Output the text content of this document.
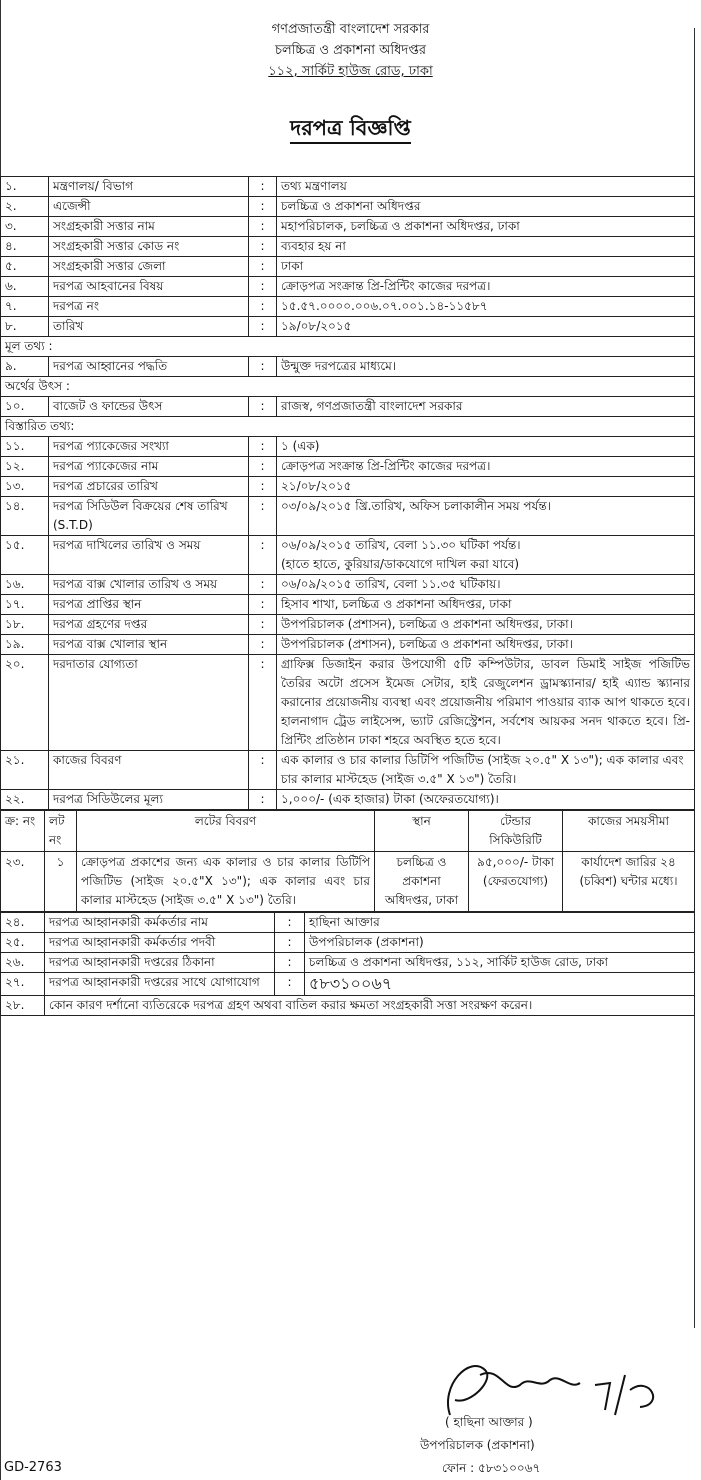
গণপ্রজাতন্ত্রী বাংলাদেশ সরকার
চলচ্চিত্র ও প্রকাশনা অধিদপ্তর
১১২, সার্কিট হাউজ রোড, ঢাকা
দরপত্র বিজ্ঞপ্তি
১.	মন্ত্রণালয়/ বিভাগ	:	তথ্য মন্ত্রণালয়
২.	এজেন্সী	:	চলচ্চিত্র ও প্রকাশনা অধিদপ্তর
৩.	সংগ্রহকারী সত্তার নাম	:	মহাপরিচালক, চলচ্চিত্র ও প্রকাশনা অধিদপ্তর, ঢাকা
৪.	সংগ্রহকারী সত্তার কোড নং	:	ব্যবহার হয় না
৫.	সংগ্রহকারী সত্তার জেলা	:	ঢাকা
৬.	দরপত্র আহবানের বিষয়	:	ক্রোড়পত্র সংক্রান্ত প্রি-প্রিন্টিং কাজের দরপত্র।
৭.	দরপত্র নং	:	১৫.৫৭.০০০০.০০৬.০৭.০০১.১৪-১১৫৮৭
৮.	তারিখ	:	১৯/০৮/২০১৫
মূল তথ্য :			
৯.	দরপত্র আহ্বানের পদ্ধতি	:	উন্মুক্ত দরপত্রের মাধ্যমে।
অর্থের উৎস :			
১০.	বাজেট ও ফান্ডের উৎস	:	রাজস্ব, গণপ্রজাতন্ত্রী বাংলাদেশ সরকার
বিস্তারিত তথ্য:			
১১.	দরপত্র প্যাকেজের সংখ্যা	:	১ (এক)
১২.	দরপত্র প্যাকেজের নাম	:	ক্রোড়পত্র সংক্রান্ত প্রি-প্রিন্টিং কাজের দরপত্র।
১৩.	দরপত্র প্রচারের তারিখ	:	২১/০৮/২০১৫
১৪.	দরপত্র সিডিউল বিক্রয়ের শেষ তারিখ (S.T.D)	:	০৩/০৯/২০১৫ খ্রি.তারিখ, অফিস চলাকালীন সময় পর্যন্ত।
১৫.	দরপত্র দাখিলের তারিখ ও সময়	:	০৬/০৯/২০১৫ তারিখ, বেলা ১১.৩০ ঘটিকা পর্যন্ত।
(হাতে হাতে, কুরিয়ার/ডাকযোগে দাখিল করা যাবে)

১৬.	দরপত্র বাক্স খোলার তারিখ ও সময়	:	০৬/০৯/২০১৫ তারিখ, বেলা ১১.৩৫ ঘটিকায়।
১৭.	দরপত্র প্রাপ্তির স্থান	:	হিসাব শাখা, চলচ্চিত্র ও প্রকাশনা অধিদপ্তর, ঢাকা
১৮.	দরপত্র গ্রহণের দপ্তর	:	উপপরিচালক (প্রশাসন), চলচ্চিত্র ও প্রকাশনা অধিদপ্তর, ঢাকা।
১৯.	দরপত্র বাক্স খোলার স্থান	:	উপপরিচালক (প্রশাসন), চলচ্চিত্র ও প্রকাশনা অধিদপ্তর, ঢাকা।
২০.	দরদাতার যোগ্যতা	:	গ্রাফিক্স ডিজাইন করার উপযোগী ৫টি কম্পিউটার, ডাবল ডিমাই সাইজ পজিটিভ তৈরির অটো প্রসেস ইমেজ সেটার, হাই রেজুলেশন ড্রামস্ক্যানার/ হাই এ্যান্ড স্ক্যানার করানোর প্রয়োজনীয় ব্যবস্থা এবং প্রয়োজনীয় পরিমাণ পাওয়ার ব্যাক আপ থাকতে হবে। হালনাগাদ ট্রেড লাইসেন্স, ভ্যাট রেজিস্ট্রেশন, সর্বশেষ আয়কর সনদ থাকতে হবে। প্রি-প্রিন্টিং প্রতিষ্ঠান ঢাকা শহরে অবস্থিত হতে হবে।
২১.	কাজের বিবরণ	:	এক কালার ও চার কালার ডিটিপি পজিটিভ (সাইজ ২০.৫" X ১৩"); এক কালার এবং চার কালার মাস্টহেড (সাইজ ৩.৫" X ১৩") তৈরি।
২২.	দরপত্র সিডিউলের মূল্য	:	১,০০০/- (এক হাজার) টাকা (অফেরতযোগ্য)।
ক্র: নং	লট নং	লটের বিবরণ	স্থান	টেন্ডার সিকিউরিটি	কাজের সময়সীমা
২৩.	১	ক্রোড়পত্র প্রকাশের জন্য এক কালার ও চার কালার ডিটিপি পজিটিভ (সাইজ ২০.৫"X ১৩"); এক কালার এবং চার কালার মাস্টহেড (সাইজ ৩.৫" X ১৩") তৈরি।	চলচ্চিত্র ও প্রকাশনা অধিদপ্তর, ঢাকা	৯৫,০০০/- টাকা (ফেরতযোগ্য)	কার্যাদেশ জারির ২৪ (চব্বিশ) ঘন্টার মধ্যে।
২৪.	দরপত্র আহ্বানকারী কর্মকর্তার নাম	:	হাছিনা আক্তার
২৫.	দরপত্র আহ্বানকারী কর্মকর্তার পদবী	:	উপপরিচালক (প্রকাশনা)
২৬.	দরপত্র আহ্বানকারী দপ্তরের ঠিকানা	:	চলচ্চিত্র ও প্রকাশনা অধিদপ্তর, ১১২, সার্কিট হাউজ রোড, ঢাকা
২৭.	দরপত্র আহ্বানকারী দপ্তরের সাথে যোগাযোগ	:	৫৮৩১০০৬৭
২৮.	কোন কারণ দর্শানো ব্যতিরেকে দরপত্র গ্রহণ অথবা বাতিল করার ক্ষমতা সংগ্রহকারী সত্তা সংরক্ষণ করেন।		
( হাছিনা আক্তার )
উপপরিচালক (প্রকাশনা)
ফোন : ৫৮৩১০০৬৭
GD-2763
